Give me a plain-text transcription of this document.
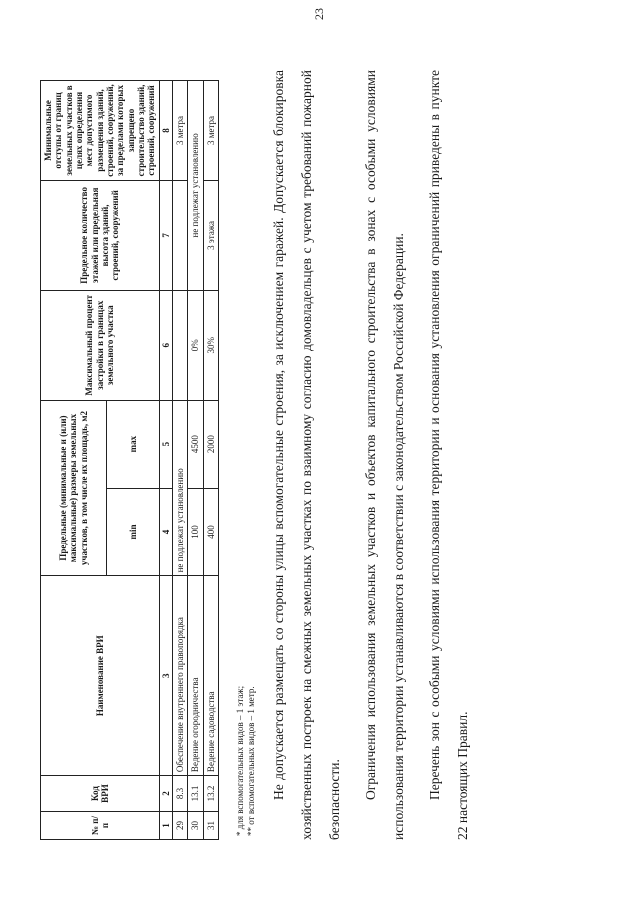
23
№ п/п	Код ВРИ	Наименование ВРИ	Предельные (минимальные и (или) максимальные) размеры земельных участков, в том числе их площадь, м2		Максимальный процент застройки в границах земельного участка	Предельное количество этажей или предельная высота зданий, строений, сооружений	Минимальные отступы от границ земельных участков в целях определения мест допустимого размещения зданий, строений, сооружений, за пределами которых запрещено строительство зданий, строений, сооружений
			min	max			
1	2	3	4	5	6	7	8
29	8.3	Обеспечение внутреннего правопорядка	не подлежат установлению				3 метра
30	13.1	Ведение огородничества	100	4500	0%	не подлежат установлению	
31	13.2	Ведение садоводства	400	2000	30%	3 этажа	3 метра
* для вспомогательных видов – 1 этаж; ** от вспомогательных видов – 1 метр.	Не допускается размещать со стороны улицы вспомогательные строения, за исключением гаражей. Допускается блокировка хозяйственных построек на смежных земельных участках по взаимному согласию домовладельцев с учетом требований пожарной безопасности.	Ограничения использования земельных участков и объектов капитального строительства в зонах с особыми условиями использования территории устанавливаются в соответствии с законодательством Российской Федерации.	Перечень зон с особыми условиями использования территории и основания установления ограничений приведены в пункте 22 настоящих Правил.
